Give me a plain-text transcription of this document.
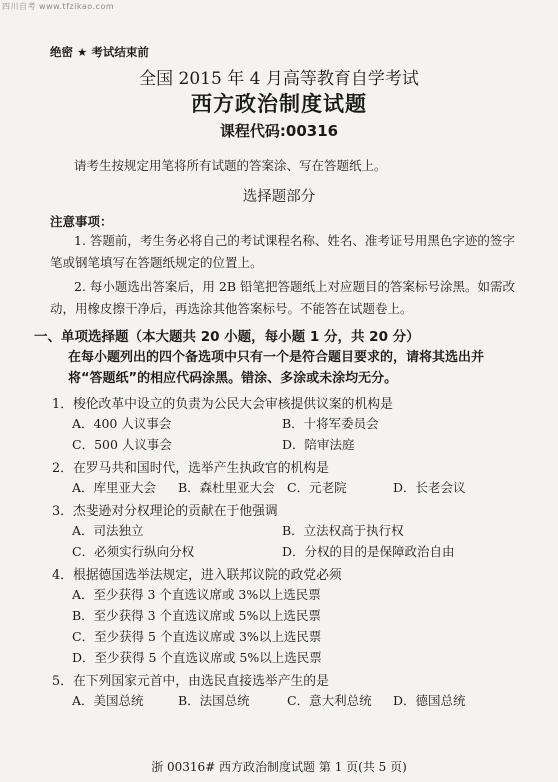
四川自考 www.tfzikao.com
绝密 ★ 考试结束前
全国 2015 年 4 月高等教育自学考试
西方政治制度试题
课程代码:00316
请考生按规定用笔将所有试题的答案涂、写在答题纸上。
选择题部分
注意事项：
1. 答题前，考生务必将自己的考试课程名称、姓名、准考证号用黑色字迹的签字笔或钢笔填写在答题纸规定的位置上。
2. 每小题选出答案后，用 2B 铅笔把答题纸上对应题目的答案标号涂黑。如需改动，用橡皮擦干净后，再选涂其他答案标号。不能答在试题卷上。
一、单项选择题（本大题共 20 小题，每小题 1 分，共 20 分）
在每小题列出的四个备选项中只有一个是符合题目要求的，请将其选出并将“答题纸”的相应代码涂黑。错涂、多涂或未涂均无分。
1．梭伦改革中设立的负责为公民大会审核提供议案的机构是
A．400 人议事会	B．十将军委员会
C．500 人议事会	D．陪审法庭
2．在罗马共和国时代，选举产生执政官的机构是
A．库里亚大会 B．森杜里亚大会 C．元老院	D．长老会议
3．杰斐逊对分权理论的贡献在于他强调
A．司法独立	B．立法权高于执行权
C．必须实行纵向分权	D．分权的目的是保障政治自由
4．根据德国选举法规定，进入联邦议院的政党必须
A．至少获得 3 个直选议席或 3%以上选民票
B．至少获得 3 个直选议席或 5%以上选民票
C．至少获得 5 个直选议席或 3%以上选民票
D．至少获得 5 个直选议席或 5%以上选民票
5．在下列国家元首中，由选民直接选举产生的是
A．美国总统	B．法国总统	C．意大利总统 D．德国总统
浙 00316# 西方政治制度试题 第 1 页(共 5 页)
